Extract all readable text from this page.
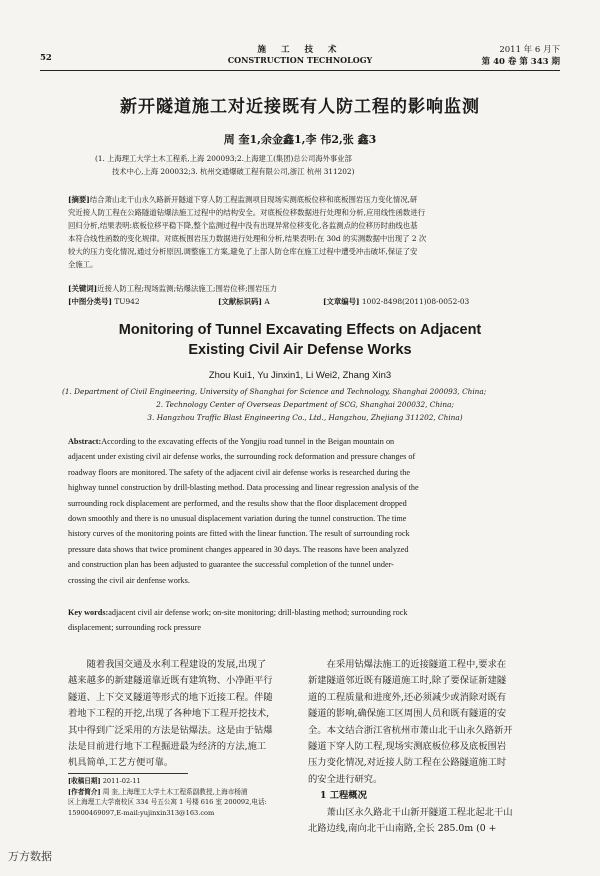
52
施 工 技 术
CONSTRUCTION TECHNOLOGY
2011 年 6 月下
第 40 卷 第 343 期
新开隧道施工对近接既有人防工程的影响监测
周 奎1,余金鑫1,李 伟2,张 鑫3
(1. 上海理工大学土木工程系,上海 200093;2.上海建工(集团)总公司海外事业部
技术中心,上海 200032;3. 杭州交通爆破工程有限公司,浙江 杭州 311202)
[摘要]结合萧山北干山永久路新开隧道下穿人防工程监测项目现场实测底板位移和底板围岩压力变化情况,研
究近接人防工程在公路隧道钻爆法施工过程中的结构安全。对底板位移数据进行处理和分析,应用线性函数进行
回归分析,结果表明:底板位移平稳下降,整个监测过程中没有出现异常位移变化,各监测点的位移历时曲线也基
本符合线性函数的变化规律。对底板围岩压力数据进行处理和分析,结果表明:在 30d 的实测数据中出现了 2 次
较大的压力变化情况,通过分析原因,调整施工方案,避免了上部人防仓库在施工过程中遭受冲击破坏,保证了安
全施工。
[关键词]近接人防工程;现场监测;钻爆法施工;围岩位移;围岩压力
[中图分类号] TU942	[文献标识码] A	[文章编号] 1002-8498(2011)08-0052-03
Monitoring of Tunnel Excavating Effects on Adjacent
Existing Civil Air Defense Works
Zhou Kui1, Yu Jinxin1, Li Wei2, Zhang Xin3
(1. Department of Civil Engineering, University of Shanghai for Science and Technology, Shanghai 200093, China;
2. Technology Center of Overseas Department of SCG, Shanghai 200032, China;
3. Hangzhou Traffic Blast Engineering Co., Ltd., Hangzhou, Zhejiang 311202, China)
Abstract:According to the excavating effects of the Yongjiu road tunnel in the Beigan mountain on
adjacent under existing civil air defense works, the surrounding rock deformation and pressure changes of
roadway floors are monitored. The safety of the adjacent civil air defense works is researched during the
highway tunnel construction by drill-blasting method. Data processing and linear regression analysis of the
surrounding rock displacement are performed, and the results show that the floor displacement dropped
down smoothly and there is no unusual displacement variation during the tunnel construction. The time
history curves of the monitoring points are fitted with the linear function. The result of surrounding rock
pressure data shows that twice prominent changes appeared in 30 days. The reasons have been analyzed
and construction plan has been adjusted to guarantee the successful completion of the tunnel under-
crossing the civil air denfense works.
Key words:adjacent civil air defense work; on-site monitoring; drill-blasting method; surrounding rock
displacement; surrounding rock pressure
随着我国交通及水利工程建设的发展,出现了
越来越多的新建隧道靠近既有建筑物、小净距平行
隧道、上下交叉隧道等形式的地下近接工程。伴随
着地下工程的开挖,出现了各种地下工程开挖技术,
其中得到广泛采用的方法是钻爆法。这是由于钻爆
法是目前进行地下工程掘进最为经济的方法,施工
机具简单,工艺方便可靠。
在采用钻爆法施工的近接隧道工程中,要求在
新建隧道邻近既有隧道施工时,除了要保证新建隧
道的工程质量和进度外,还必须减少或消除对既有
隧道的影响,确保施工区周围人员和既有隧道的安
全。本文结合浙江省杭州市萧山北干山永久路新开
隧道下穿人防工程,现场实测底板位移及底板围岩
压力变化情况,对近接人防工程在公路隧道施工时
的安全进行研究。
1 工程概况
萧山区永久路北干山新开隧道工程北起北干山
北路边线,南向北干山南路,全长 285.0m (0 +
[收稿日期] 2011-02-11
[作者简介] 周 奎,上海理工大学土木工程系副教授,上海市杨浦
区上海理工大学南校区 334 号五公寓 1 号楼 616 室 200092,电话:
15900469097,E-mail:yujinxin313@163.com
万方数据
